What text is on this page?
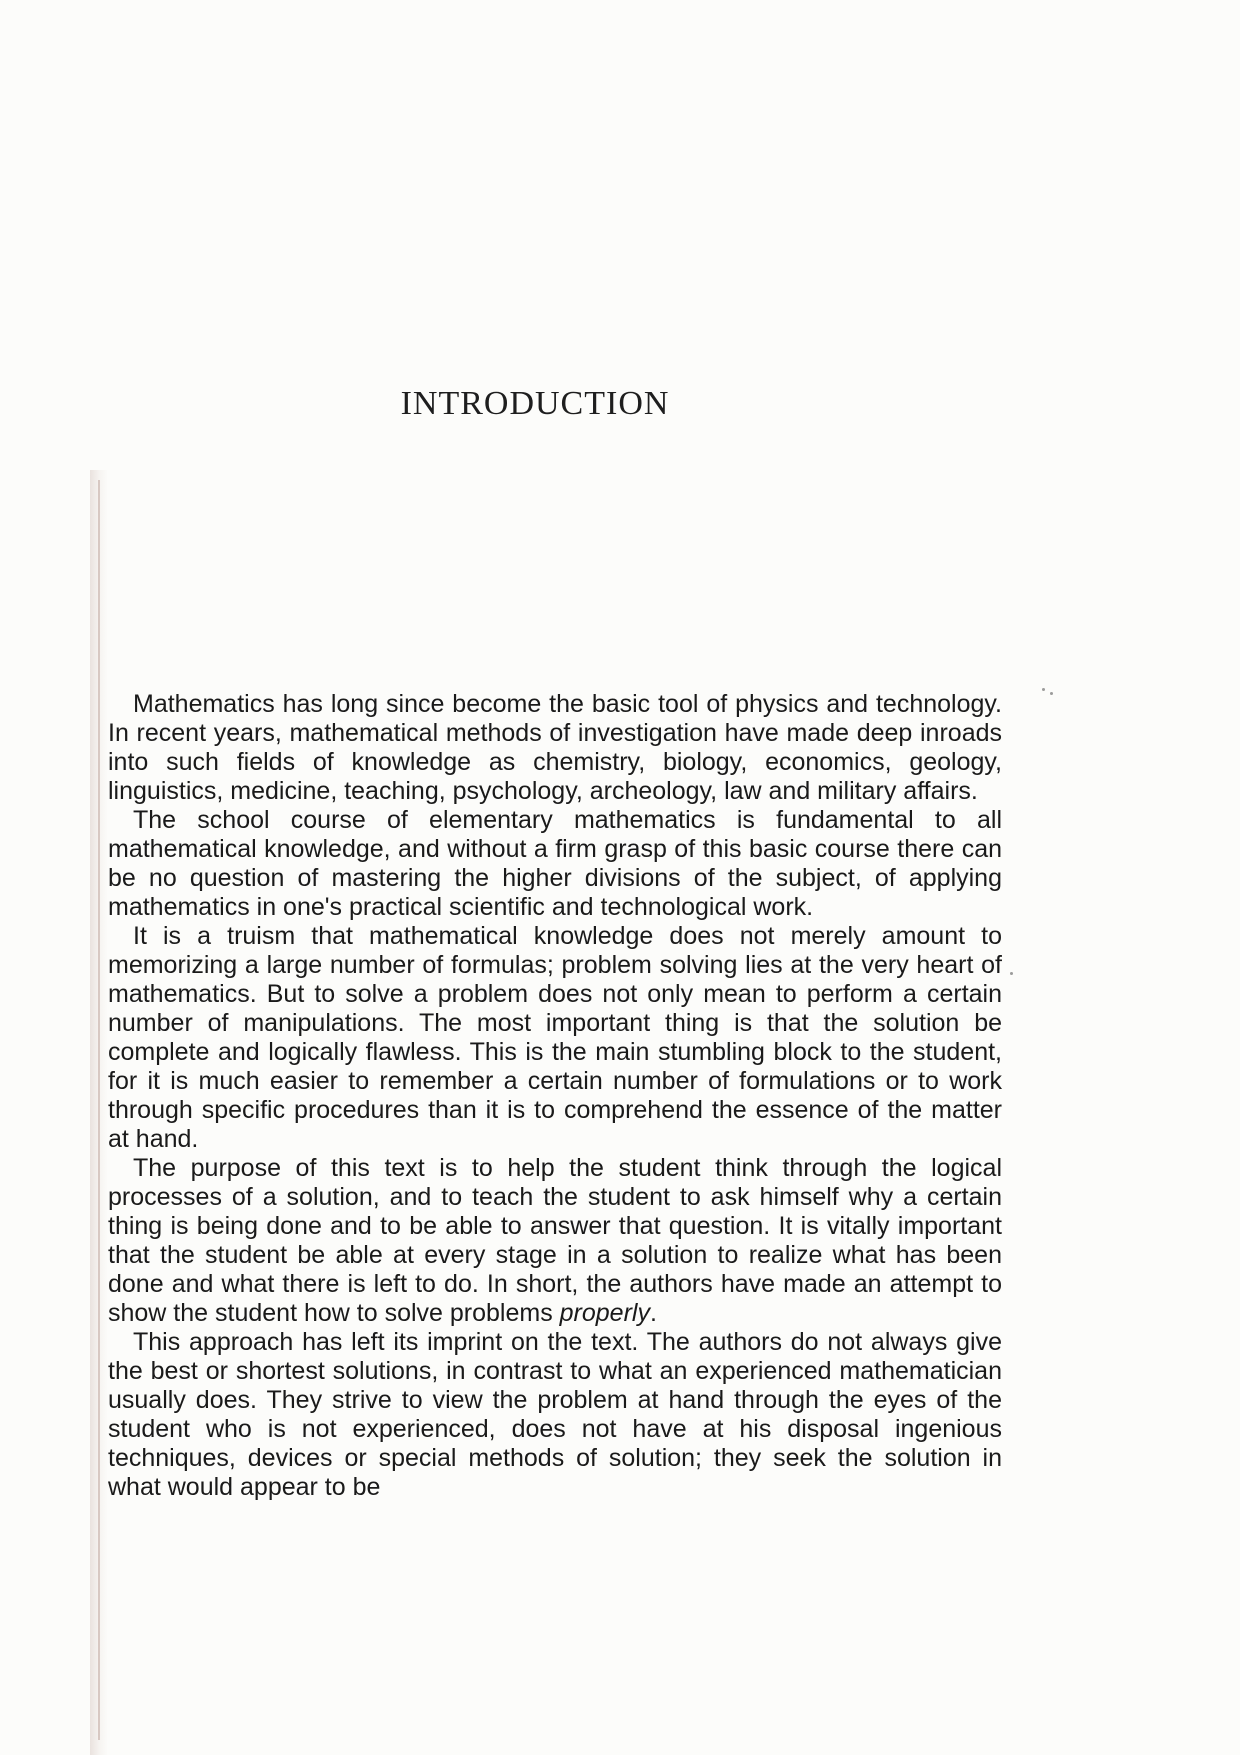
INTRODUCTION

Mathematics has long since become the basic tool of physics and technology. In recent years, mathematical methods of investigation have made deep inroads into such fields of knowledge as chemistry, biology, economics, geology, linguistics, medicine, teaching, psychology, archeology, law and military affairs.

The school course of elementary mathematics is fundamental to all mathematical knowledge, and without a firm grasp of this basic course there can be no question of mastering the higher divisions of the subject, of applying mathematics in one's practical scientific and technological work.

It is a truism that mathematical knowledge does not merely amount to memorizing a large number of formulas; problem solving lies at the very heart of mathematics. But to solve a problem does not only mean to perform a certain number of manipulations. The most important thing is that the solution be complete and logically flawless. This is the main stumbling block to the student, for it is much easier to remember a certain number of formulations or to work through specific procedures than it is to comprehend the essence of the matter at hand.

The purpose of this text is to help the student think through the logical processes of a solution, and to teach the student to ask himself why a certain thing is being done and to be able to answer that question. It is vitally important that the student be able at every stage in a solution to realize what has been done and what there is left to do. In short, the authors have made an attempt to show the student how to solve problems properly.

This approach has left its imprint on the text. The authors do not always give the best or shortest solutions, in contrast to what an experienced mathematician usually does. They strive to view the problem at hand through the eyes of the student who is not experienced, does not have at his disposal ingenious techniques, devices or special methods of solution; they seek the solution in what would appear to be
